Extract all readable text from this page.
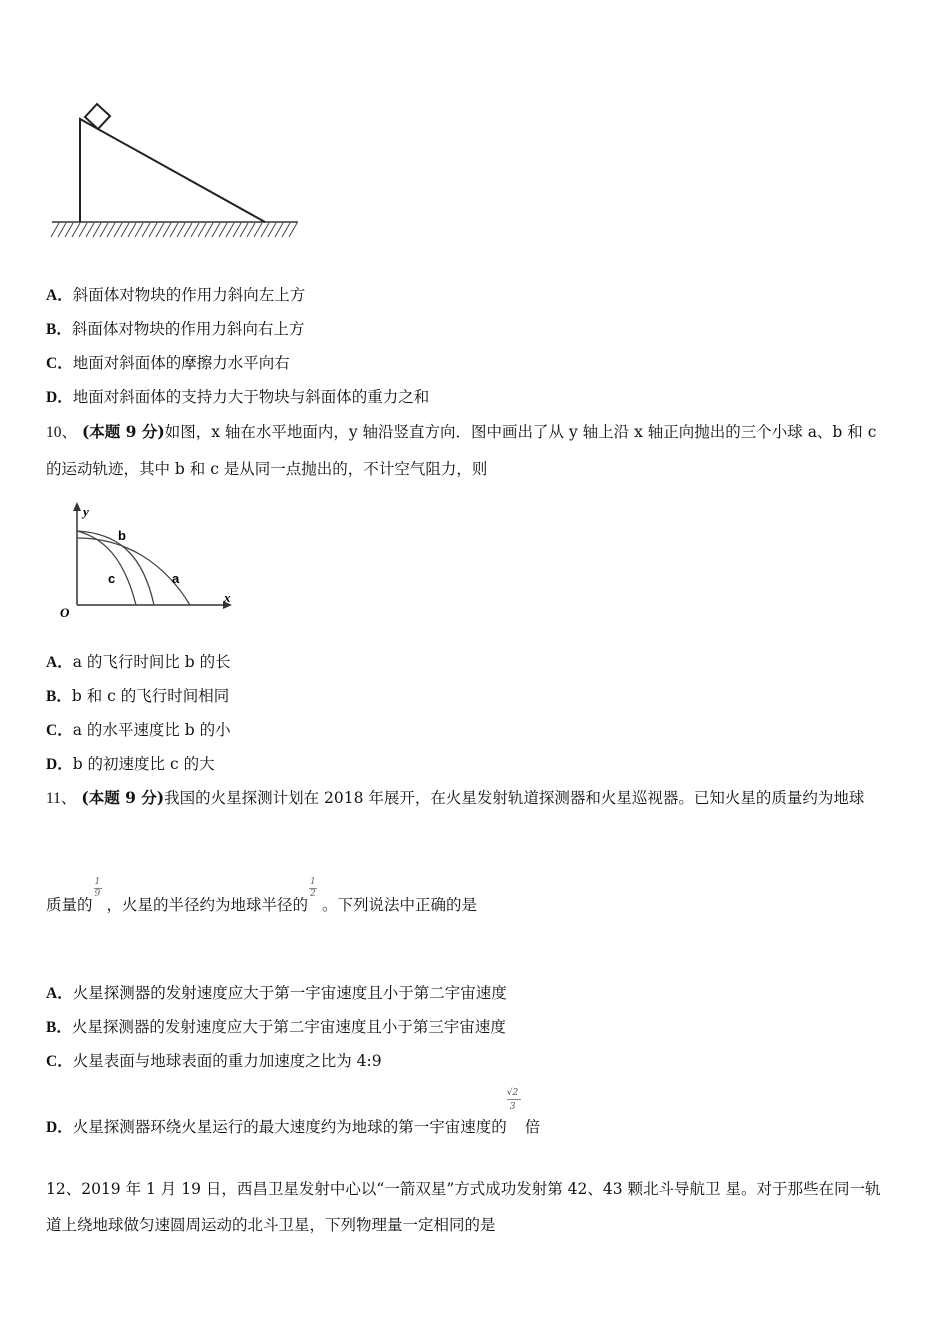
A．斜面体对物块的作用力斜向左上方
B．斜面体对物块的作用力斜向右上方
C．地面对斜面体的摩擦力水平向右
D．地面对斜面体的支持力大于物块与斜面体的重力之和
10、 (本题 9 分)如图，x 轴在水平地面内，y 轴沿竖直方向．图中画出了从 y 轴上沿 x 轴正向抛出的三个小球 a、b 和 c
的运动轨迹，其中 b 和 c 是从同一点抛出的，不计空气阻力，则
y
x
O
b
c	a
A．a 的飞行时间比 b 的长
B．b 和 c 的飞行时间相同
C．a 的水平速度比 b 的小
D．b 的初速度比 c 的大
11、 (本题 9 分)我国的火星探测计划在 2018 年展开，在火星发射轨道探测器和火星巡视器。已知火星的质量约为地球
质量的 $\frac{1}{9}$ ，火星的半径约为地球半径的 $\frac{1}{2}$ 。下列说法中正确的是
A．火星探测器的发射速度应大于第一宇宙速度且小于第二宇宙速度
B．火星探测器的发射速度应大于第二宇宙速度且小于第三宇宙速度
C．火星表面与地球表面的重力加速度之比为 4:9
D．火星探测器环绕火星运行的最大速度约为地球的第一宇宙速度的 $\frac{√2}{3}$ 倍
12、2019 年 1 月 19 日，西昌卫星发射中心以“一箭双星”方式成功发射第 42、43 颗北斗导航卫 星。对于那些在同一轨
道上绕地球做匀速圆周运动的北斗卫星，下列物理量一定相同的是
